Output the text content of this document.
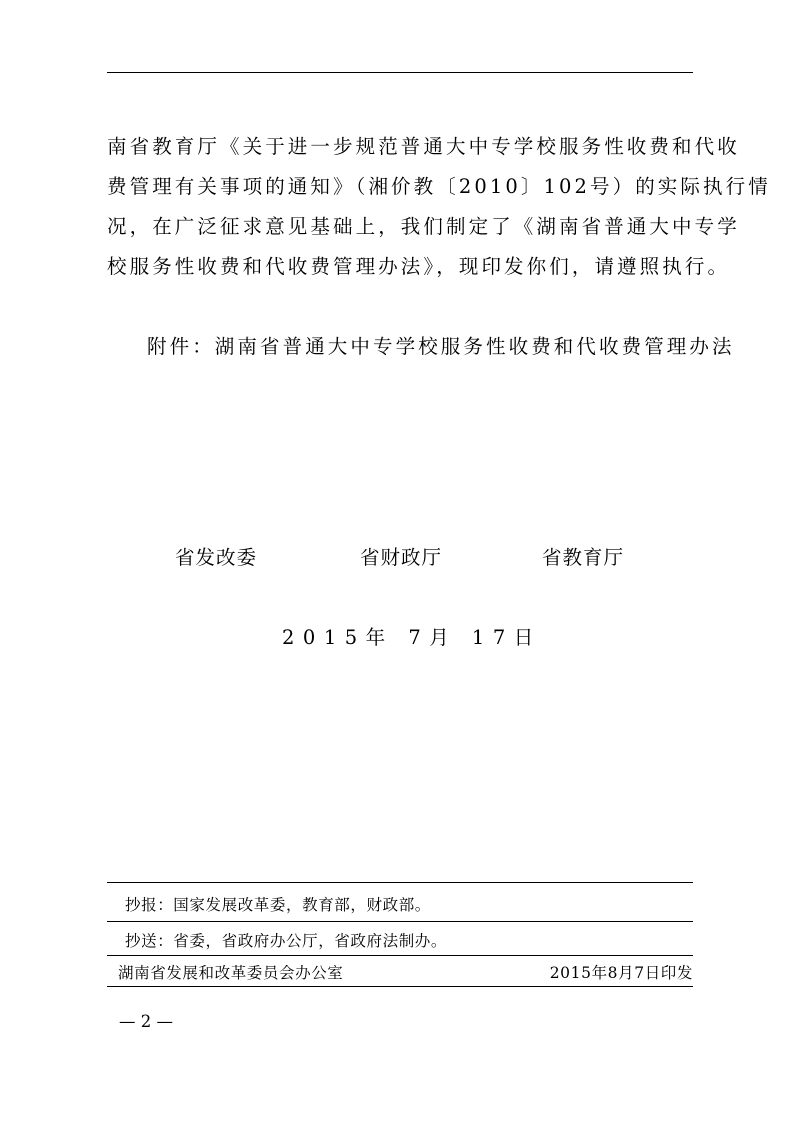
南省教育厅《关于进一步规范普通大中专学校服务性收费和代收
费管理有关事项的通知》（湘价教〔2010〕102号）的实际执行情
况，在广泛征求意见基础上，我们制定了《湖南省普通大中专学
校服务性收费和代收费管理办法》，现印发你们，请遵照执行。
附件：湖南省普通大中专学校服务性收费和代收费管理办法
省发改委	省财政厅	省教育厅
2015年 7月 17日
抄报：国家发展改革委，教育部，财政部。
抄送：省委，省政府办公厅，省政府法制办。
湖南省发展和改革委员会办公室	2015年8月7日印发
— 2 —
